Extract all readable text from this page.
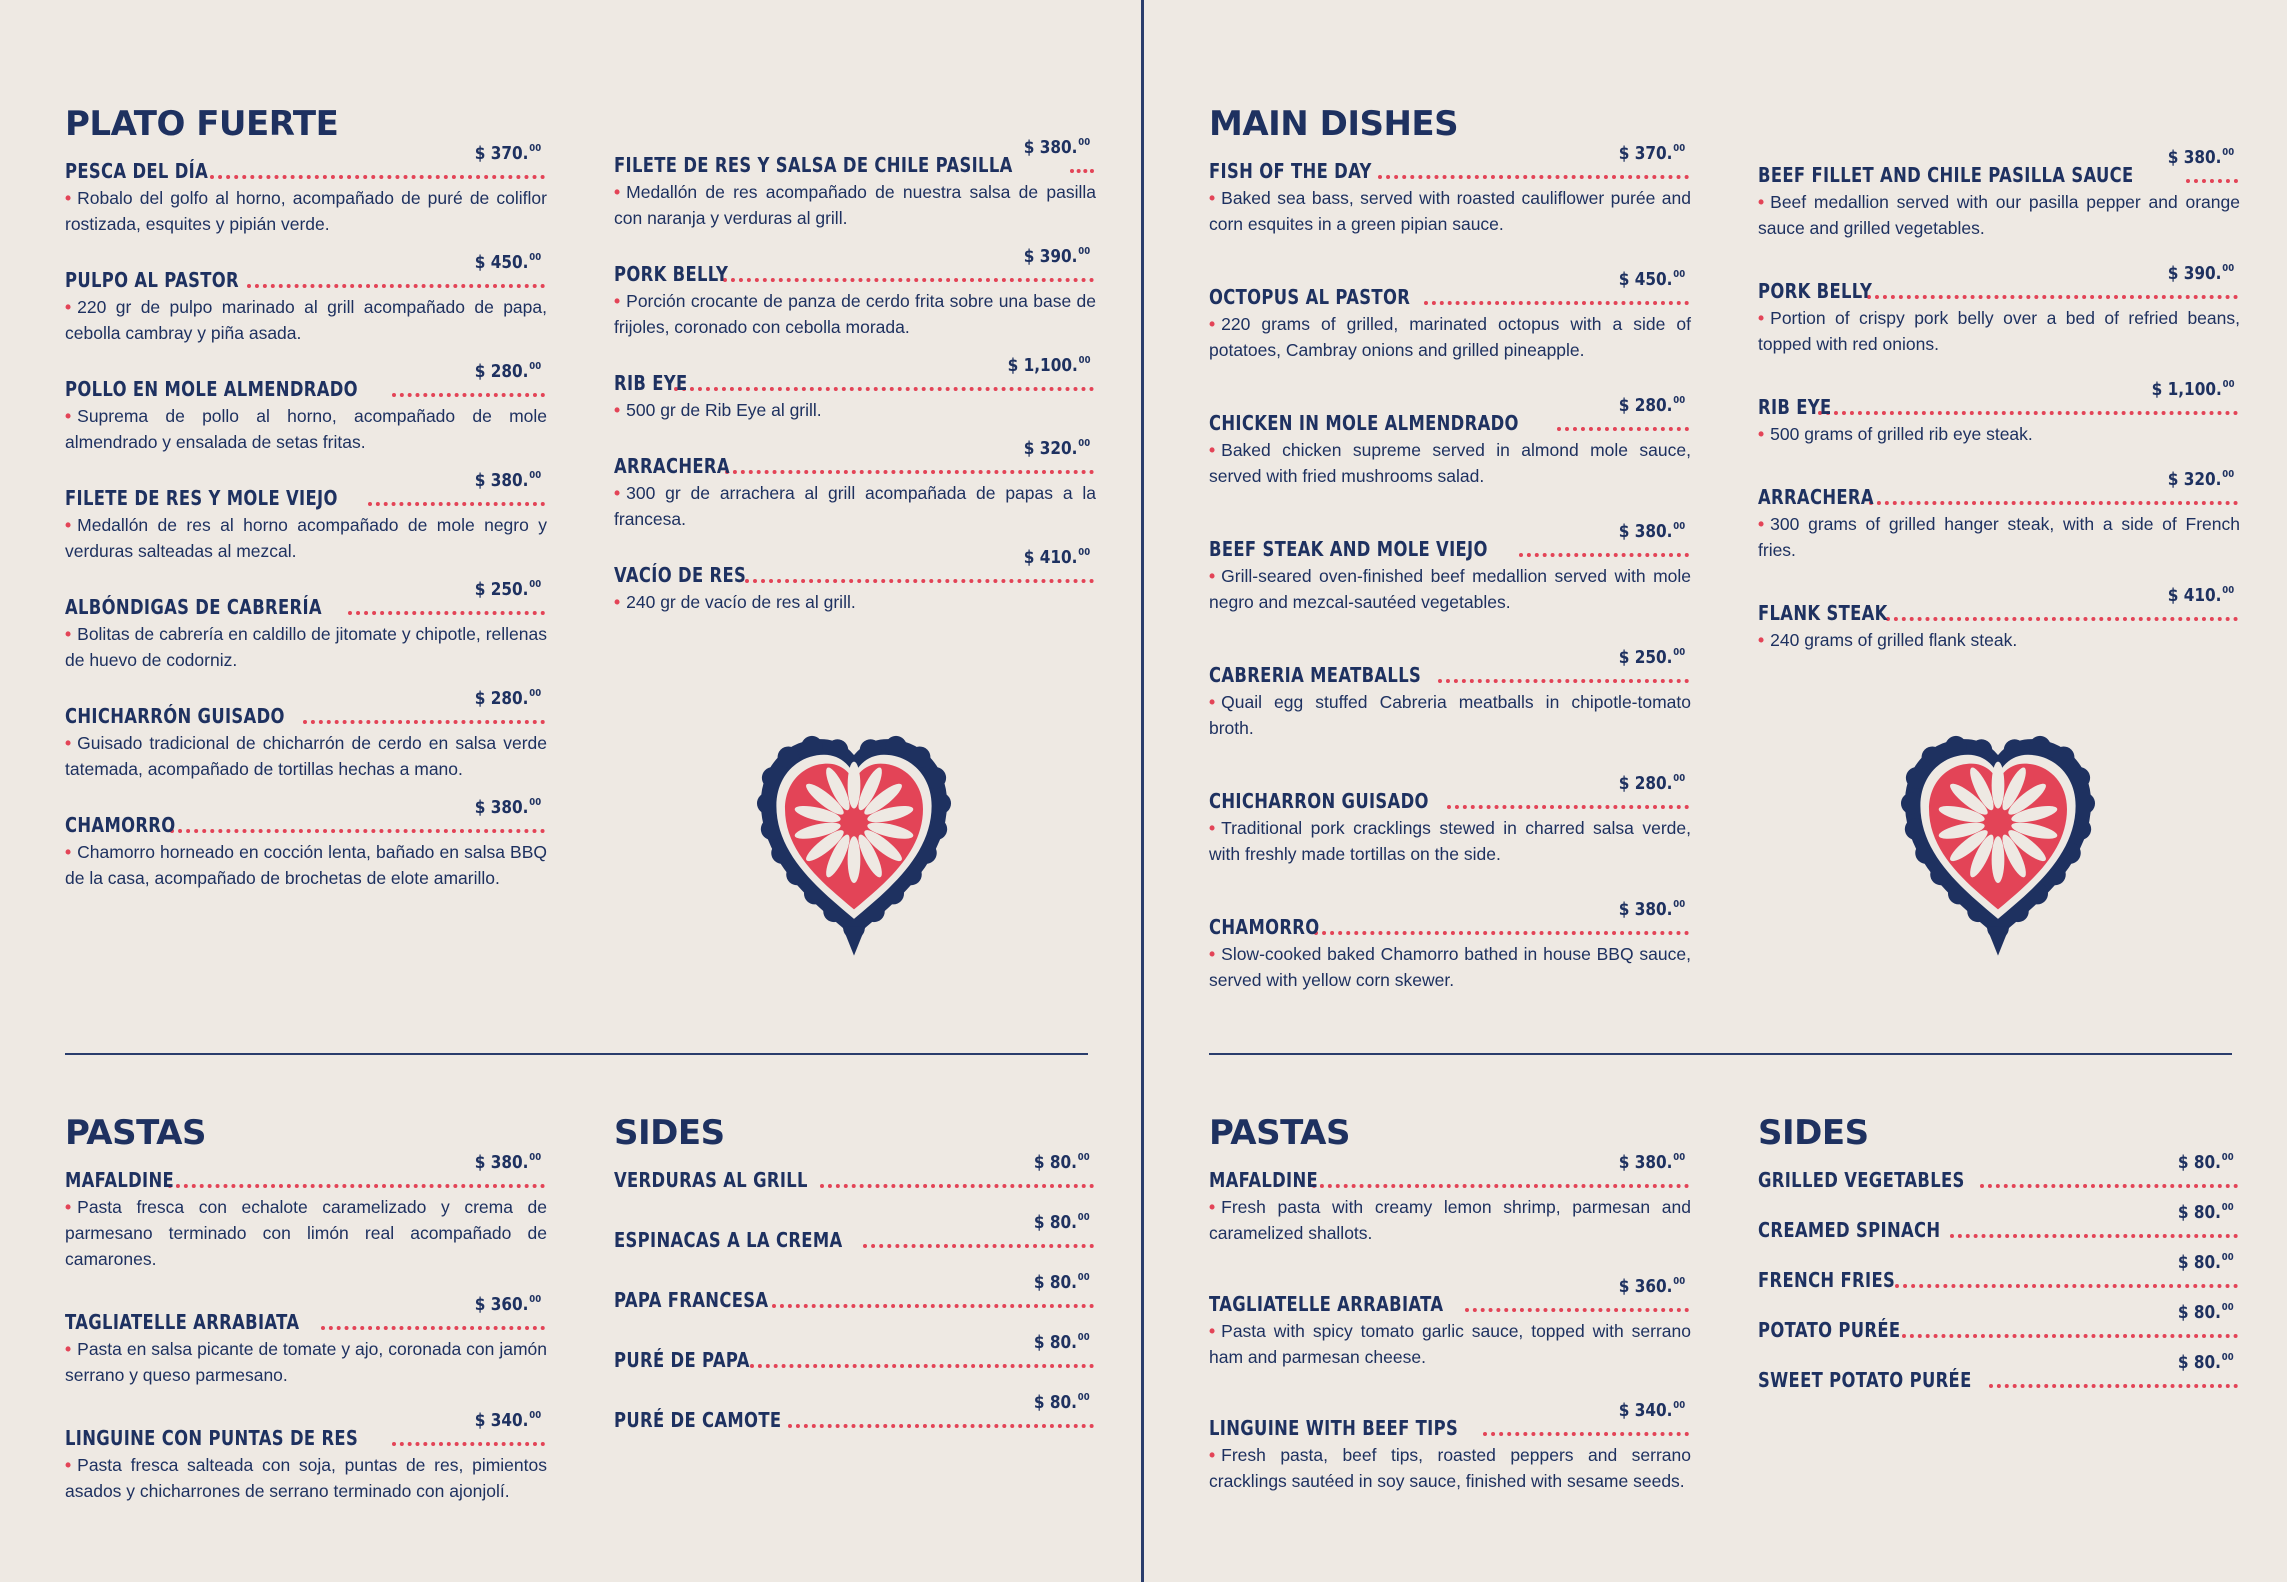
PLATO FUERTE
PESCA DEL DÍA
$ 370.00

• Robalo del golfo al horno, acompañado de puré de coliflor rostizada, esquites y pipián verde.

PULPO AL PASTOR
$ 450.00

• 220 gr de pulpo marinado al grill acompañado de papa, cebolla cambray y piña asada.

POLLO EN MOLE ALMENDRADO
$ 280.00

• Suprema de pollo al horno, acompañado de mole almendrado y ensalada de setas fritas.

FILETE DE RES Y MOLE VIEJO
$ 380.00

• Medallón de res al horno acompañado de mole negro y verduras salteadas al mezcal.

ALBÓNDIGAS DE CABRERÍA
$ 250.00

• Bolitas de cabrería en caldillo de jitomate y chipotle, rellenas de huevo de codorniz.

CHICHARRÓN GUISADO
$ 280.00

• Guisado tradicional de chicharrón de cerdo en salsa verde tatemada, acompañado de tortillas hechas a mano.

CHAMORRO
$ 380.00

• Chamorro horneado en cocción lenta, bañado en salsa BBQ de la casa, acompañado de brochetas de elote amarillo.

FILETE DE RES Y SALSA DE CHILE PASILLA
$ 380.00

• Medallón de res acompañado de nuestra salsa de pasilla con naranja y verduras al grill.

PORK BELLY
$ 390.00

• Porción crocante de panza de cerdo frita sobre una base de frijoles, coronado con cebolla morada.

RIB EYE
$ 1,100.00

• 500 gr de Rib Eye al grill.

ARRACHERA
$ 320.00

• 300 gr de arrachera al grill acompañada de papas a la francesa.

VACÍO DE RES
$ 410.00

• 240 gr de vacío de res al grill.

PASTAS
MAFALDINE
$ 380.00

• Pasta fresca con echalote caramelizado y crema de parmesano terminado con limón real acompañado de camarones.

TAGLIATELLE ARRABIATA
$ 360.00

• Pasta en salsa picante de tomate y ajo, coronada con jamón serrano y queso parmesano.

LINGUINE CON PUNTAS DE RES
$ 340.00

• Pasta fresca salteada con soja, puntas de res, pimientos asados y chicharrones de serrano terminado con ajonjolí.

SIDES
VERDURAS AL GRILL
$ 80.00
ESPINACAS A LA CREMA
$ 80.00
PAPA FRANCESA
$ 80.00
PURÉ DE PAPA
$ 80.00
PURÉ DE CAMOTE
$ 80.00
MAIN DISHES
FISH OF THE DAY
$ 370.00

• Baked sea bass, served with roasted cauliflower purée and corn esquites in a green pipian sauce.

OCTOPUS AL PASTOR
$ 450.00

• 220 grams of grilled, marinated octopus with a side of potatoes, Cambray onions and grilled pineapple.

CHICKEN IN MOLE ALMENDRADO
$ 280.00

• Baked chicken supreme served in almond mole sauce, served with fried mushrooms salad.

BEEF STEAK AND MOLE VIEJO
$ 380.00

• Grill-seared oven-finished beef medallion served with mole negro and mezcal-sautéed vegetables.

CABRERIA MEATBALLS
$ 250.00

• Quail egg stuffed Cabreria meatballs in chipotle-tomato broth.

CHICHARRON GUISADO
$ 280.00

• Traditional pork cracklings stewed in charred salsa verde, with freshly made tortillas on the side.

CHAMORRO
$ 380.00

• Slow-cooked baked Chamorro bathed in house BBQ sauce, served with yellow corn skewer.

BEEF FILLET AND CHILE PASILLA SAUCE
$ 380.00

• Beef medallion served with our pasilla pepper and orange sauce and grilled vegetables.

PORK BELLY
$ 390.00

• Portion of crispy pork belly over a bed of refried beans, topped with red onions.

RIB EYE
$ 1,100.00

• 500 grams of grilled rib eye steak.

ARRACHERA
$ 320.00

• 300 grams of grilled hanger steak, with a side of French fries.

FLANK STEAK
$ 410.00

• 240 grams of grilled flank steak.

PASTAS
MAFALDINE
$ 380.00

• Fresh pasta with creamy lemon shrimp, parmesan and caramelized shallots.

TAGLIATELLE ARRABIATA
$ 360.00

• Pasta with spicy tomato garlic sauce, topped with serrano ham and parmesan cheese.

LINGUINE WITH BEEF TIPS
$ 340.00

• Fresh pasta, beef tips, roasted peppers and serrano cracklings sautéed in soy sauce, finished with sesame seeds.

SIDES
GRILLED VEGETABLES
$ 80.00
CREAMED SPINACH
$ 80.00
FRENCH FRIES
$ 80.00
POTATO PURÉE
$ 80.00
SWEET POTATO PURÉE
$ 80.00
